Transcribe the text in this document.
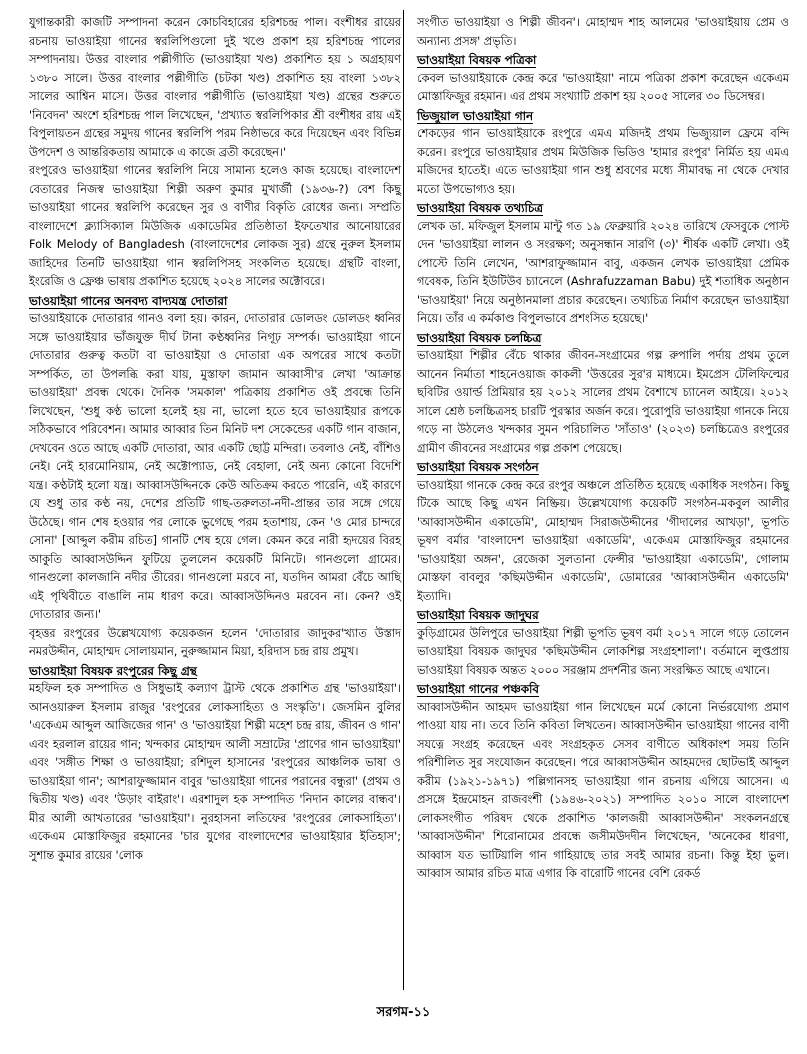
যুগান্তকারী কাজটি সম্পাদনা করেন কোচবিহারের হরিশচন্দ্র পাল। বংশীধর রায়ের রচনায় ভাওয়াইয়া গানের স্বরলিপিগুলো দুই খণ্ডে প্রকাশ হয় হরিশচন্দ্র পালের সম্পাদনায়। উত্তর বাংলার পল্লীগীতি (ভাওয়াইয়া খণ্ড) প্রকাশিত হয় ১ অগ্রহায়ণ ১৩৮০ সালে। উত্তর বাংলার পল্লীগীতি (চটকা খণ্ড) প্রকাশিত হয় বাংলা ১৩৮২ সালের আশ্বিন মাসে। উত্তর বাংলার পল্লীগীতি (ভাওয়াইয়া খণ্ড) গ্রন্থের শুরুতে 'নিবেদন' অংশে হরিশচন্দ্র পাল লিখেছেন, 'প্রখ্যাত স্বরলিপিকার শ্রী বংশীধর রায় এই বিপুলায়তন গ্রন্থের সমুদয় গানের স্বরলিপি পরম নিষ্ঠাভরে করে দিয়েছেন এবং বিভিন্ন উপদেশ ও আন্তরিকতায় আমাকে এ কাজে ব্রতী করেছেন।'

রংপুরেও ভাওয়াইয়া গানের স্বরলিপি নিয়ে সামান্য হলেও কাজ হয়েছে। বাংলাদেশ বেতারের নিজস্ব ভাওয়াইয়া শিল্পী অরুণ কুমার মুখার্জী (১৯৩৬-?) বেশ কিছু ভাওয়াইয়া গানের স্বরলিপি করেছেন সুর ও বাণীর বিকৃতি রোধের জন্য। সম্প্রতি বাংলাদেশে ক্ল্যাসিক্যাল মিউজিক একাডেমির প্রতিষ্ঠাতা ইফতেখার আনোয়ারের Folk Melody of Bangladesh (বাংলাদেশের লোকজ সুর) গ্রন্থে নুরুল ইসলাম জাহিদের তিনটি ভাওয়াইয়া গান স্বরলিপিসহ সংকলিত হয়েছে। গ্রন্থটি বাংলা, ইংরেজি ও ফ্রেঞ্চ ভাষায় প্রকাশিত হয়েছে ২০২৪ সালের অক্টোবরে।

ভাওয়াইয়া গানের অনবদ্য বাদ্যযন্ত্র দোতারা

ভাওয়াইয়াকে দোতারার গানও বলা হয়। কারন, দোতারার ডোলডং ডোলডং ধ্বনির সঙ্গে ভাওয়াইয়ার ভাঁজযুক্ত দীর্ঘ টানা কণ্ঠধ্বনির নিগূঢ় সম্পর্ক। ভাওয়াইয়া গানে দোতারার গুরুত্ব কতটা বা ভাওয়াইয়া ও দোতারা এক অপরের সাথে কতটা সম্পর্কিত, তা উপলব্ধি করা যায়, মুস্তাফা জামান আব্বাসী'র লেখা 'আক্রান্ত ভাওয়াইয়া' প্রবন্ধ থেকে। দৈনিক 'সমকাল' পত্রিকায় প্রকাশিত ওই প্রবন্ধে তিনি লিখেছেন, 'শুধু কণ্ঠ ভালো হলেই হয় না, ভালো হতে হবে ভাওয়াইয়ার রূপকে সঠিকভাবে পরিবেশন। আমার আব্বার তিন মিনিট দশ সেকেন্ডের একটি গান বাজান, দেখবেন ওতে আছে একটি দোতারা, আর একটি ছোট্ট মন্দিরা। তবলাও নেই, বাঁশিও নেই। নেই হারমোনিয়াম, নেই অক্টোপ্যাড, নেই বেহালা, নেই অন্য কোনো বিদেশি যন্ত্র। কণ্ঠটাই হলো যন্ত্র। আব্বাসউদ্দিনকে কেউ অতিক্রম করতে পারেনি, এই কারণে যে শুধু তার কণ্ঠ নয়, দেশের প্রতিটি গাছ-তরুলতা-নদী-প্রান্তর তার সঙ্গে গেয়ে উঠেছে। গান শেষ হওয়ার পর লোকে ভুগেছে পরম হতাশায়, কেন 'ও মোর চান্দরে সোনা' [আব্দুল করীম রচিত] গানটি শেষ হয়ে গেল। কেমন করে নারী হৃদয়ের বিরহ আকুতি আব্বাসউদ্দিন ফুটিয়ে তুললেন কয়েকটি মিনিটে। গানগুলো গ্রামের। গানগুলো কালজানি নদীর তীরের। গানগুলো মরবে না, যতদিন আমরা বেঁচে আছি এই পৃথিবীতে বাঙালি নাম ধারণ করে। আব্বাসউদ্দিনও মরবেন না। কেন? ওই দোতারার জন্য।'

বৃহত্তর রংপুরের উল্লেখযোগ্য কয়েকজন হলেন 'দোতারার জাদুকর'খ্যাত উস্তাদ নমরউদ্দীন, মোহাম্মদ সোলায়মান, নুরুজ্জামান মিয়া, হরিদাস চন্দ্র রায় প্রমুখ।

ভাওয়াইয়া বিষয়ক রংপুরের কিছু গ্রন্থ

মহফিল হক সম্পাদিত ও সিধুভাই কল্যাণ ট্রাস্ট থেকে প্রকাশিত গ্রন্থ 'ভাওয়াইয়া'। আনওয়ারুল ইসলাম রাজুর 'রংপুরের লোকসাহিত্য ও সংস্কৃতি'। জেসমিন বুলির 'একেএম আব্দুল আজিজের গান' ও 'ভাওয়াইয়া শিল্পী মহেশ চন্দ্র রায়, জীবন ও গান' এবং হরলাল রায়ের গান; খন্দকার মোহাম্মদ আলী সম্রাটের 'প্রাণের গান ভাওয়াইয়া' এবং 'সঙ্গীত শিক্ষা ও ভাওয়াইয়া; রশিদুল হাসানের 'রংপুরের আঞ্চলিক ভাষা ও ভাওয়াইয়া গান'; আশরাফুজ্জামান বাবুর 'ভাওয়াইয়া গানের পরানের বন্ধুরা' (প্রথম ও দ্বিতীয় খণ্ড) এবং 'উড়াং বাইরাং'। এরশাদুল হক সম্পাদিত 'নিদান কালের বান্ধব'। মীর আলী আখতারের 'ভাওয়াইয়া'। নুরহাসনা লতিফের 'রংপুরের লোকসাহিত্য'। একেএম মোস্তাফিজুর রহমানের 'চার যুগের বাংলাদেশের ভাওয়াইয়ার ইতিহাস'; সুশান্ত কুমার রায়ের 'লোক

সংগীত ভাওয়াইয়া ও শিল্পী জীবন'। মোহাম্মদ শাহ আলমের 'ভাওয়াইয়ায় প্রেম ও অন্যান্য প্রসঙ্গ' প্রভৃতি।

ভাওয়াইয়া বিষয়ক পত্রিকা

কেবল ভাওয়াইয়াকে কেন্দ্র করে 'ভাওয়াইয়া' নামে পত্রিকা প্রকাশ করেছেন একেএম মোস্তাফিজুর রহমান। এর প্রথম সংখ্যাটি প্রকাশ হয় ২০০৫ সালের ৩০ ডিসেম্বর।

ভিজুয়াল ভাওয়াইয়া গান

শেকড়ের গান ভাওয়াইয়াকে রংপুরে এমএ মজিদই প্রথম ভিজ্যুয়াল ফ্রেমে বন্দি করেন। রংপুরে ভাওয়াইয়ার প্রথম মিউজিক ভিডিও 'হামার রংপুর' নির্মিত হয় এমএ মজিদের হাতেই। এতে ভাওয়াইয়া গান শুধু শ্রবণের মধ্যে সীমাবদ্ধ না থেকে দেখার মতো উপভোগ্যও হয়।

ভাওয়াইয়া বিষয়ক তথ্যচিত্র

লেখক ডা. মফিজুল ইসলাম মান্টু গত ১৯ ফেব্রুয়ারি ২০২৪ তারিখে ফেসবুকে পোস্ট দেন 'ভাওয়াইয়া লালন ও সংরক্ষণ; অনুসন্ধান সারণি (৩)' শীর্ষক একটি লেখা। ওই পোস্টে তিনি লেখেন, 'আশরাফুজ্জামান বাবু, একজন লেখক ভাওয়াইয়া প্রেমিক গবেষক, তিনি ইউটিউব চ্যানেলে (Ashrafuzzaman Babu) দুই শতাধিক অনুষ্ঠান 'ভাওয়াইয়া' নিয়ে অনুষ্ঠানমালা প্রচার করেছেন। তথ্যচিত্র নির্মাণ করেছেন ভাওয়াইয়া নিয়ে। তাঁর এ কর্মকাণ্ড বিপুলভাবে প্রশংসিত হয়েছে।'

ভাওয়াইয়া বিষয়ক চলচ্চিত্র

ভাওয়াইয়া শিল্পীর বেঁচে থাকার জীবন-সংগ্রামের গল্প রুপালি পর্দায় প্রথম তুলে আনেন নির্মাতা শাহনেওয়াজ কাকলী 'উত্তরের সুর'র মাধ্যমে। ইমপ্রেস টেলিফিল্মের ছবিটির ওয়ার্ল্ড প্রিমিয়ার হয় ২০১২ সালের প্রথম বৈশাখে চ্যানেল আইয়ে। ২০১২ সালে শ্রেষ্ঠ চলচ্চিত্রসহ চারটি পুরস্কার অর্জন করে। পুরোপুরি ভাওয়াইয়া গানকে নিয়ে গড়ে না উঠলেও খন্দকার সুমন পরিচালিত 'সাঁতাও' (২০২৩) চলচ্চিত্রেও রংপুরের গ্রামীণ জীবনের সংগ্রামের গল্প প্রকাশ পেয়েছে।

ভাওয়াইয়া বিষয়ক সংগঠন

ভাওয়াইয়া গানকে কেন্দ্র করে রংপুর অঞ্চলে প্রতিষ্ঠিত হয়েছে একাধিক সংগঠন। কিছু টিকে আছে কিছু এখন নিষ্ক্রিয়। উল্লেখযোগ্য কয়েকটি সংগঠন-মকবুল আলীর 'আব্বাসউদ্দীন একাডেমি', মোহাম্মদ সিরাজউদ্দীনের 'গীদালের আখড়া', ভূপতি ভূষণ বর্মার 'বাংলাদেশ ভাওয়াইয়া একাডেমি', একেএম মোস্তাফিজুর রহমানের 'ভাওয়াইয়া অঙ্গন', রেজেকা সুলতানা ফেন্সীর 'ভাওয়াইয়া একাডেমি', গোলাম মোস্তফা বাবলুর 'কছিমউদ্দীন একাডেমি', ডোমারের 'আব্বাসউদ্দীন একাডেমি' ইত্যাদি।

ভাওয়াইয়া বিষয়ক জাদুঘর

কুড়িগ্রামের উলিপুরে ভাওয়াইয়া শিল্পী ভূপতি ভূষণ বর্মা ২০১৭ সালে গড়ে তোলেন ভাওয়াইয়া বিষয়ক জাদুঘর 'কছিমউদ্দীন লোকশিল্প সংগ্রহশালা'। বর্তমানে লুপ্তপ্রায় ভাওয়াইয়া বিষয়ক অন্তত ২০০০ সরঞ্জাম প্রদর্শনীর জন্য সংরক্ষিত আছে এখানে।

ভাওয়াইয়া গানের পঞ্চকবি

আব্বাসউদ্দীন আহমদ ভাওয়াইয়া গান লিখেছেন মর্মে কোনো নির্ভরযোগ্য প্রমাণ পাওয়া যায় না। তবে তিনি কবিতা লিখতেন। আব্বাসউদ্দীন ভাওয়াইয়া গানের বাণী সযত্নে সংগ্রহ করেছেন এবং সংগ্রহকৃত সেসব বাণীতে অধিকাংশ সময় তিনি পরিশীলিত সুর সংযোজন করেছেন। পরে আব্বাসউদ্দীন আহমদের ছোটভাই আব্দুল করীম (১৯২১-১৯৭১) পল্লিগানসহ ভাওয়াইয়া গান রচনায় এগিয়ে আসেন। এ প্রসঙ্গে ইন্দ্রমোহন রাজবংশী (১৯৪৬-২০২১) সম্পাদিত ২০১০ সালে বাংলাদেশ লোকসংগীত পরিষদ থেকে প্রকাশিত 'কালজয়ী আব্বাসউদ্দীন' সংকলনগ্রন্থে 'আব্বাসউদ্দীন' শিরোনামের প্রবন্ধে জসীমউদদীন লিখেছেন, 'অনেকের ধারণা, আব্বাস যত ভাটিয়ালি গান গাহিয়াছে তার সবই আমার রচনা। কিন্তু ইহা ভুল। আব্বাস আমার রচিত মাত্র এগার কি বারোটি গানের বেশি রেকর্ড

সরগম-১১
